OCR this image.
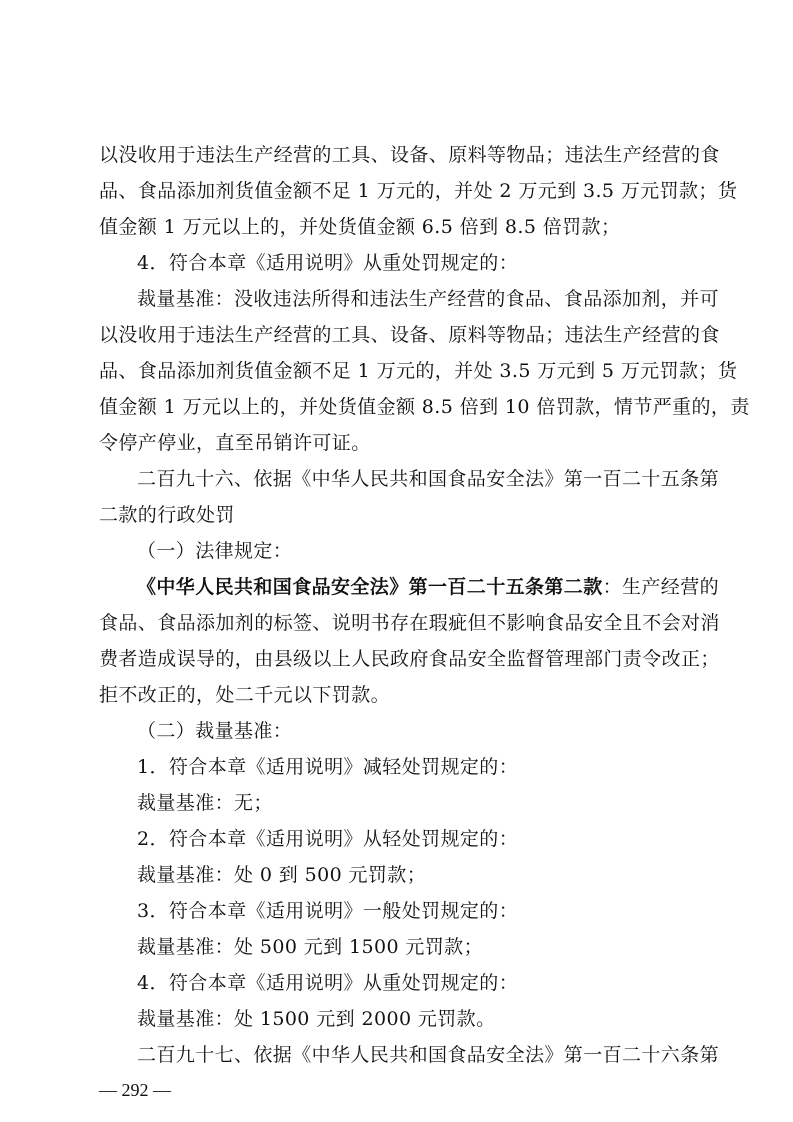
以没收用于违法生产经营的工具、设备、原料等物品；违法生产经营的食
品、食品添加剂货值金额不足 1 万元的，并处 2 万元到 3.5 万元罚款；货
值金额 1 万元以上的，并处货值金额 6.5 倍到 8.5 倍罚款；
4．符合本章《适用说明》从重处罚规定的：
裁量基准：没收违法所得和违法生产经营的食品、食品添加剂，并可
以没收用于违法生产经营的工具、设备、原料等物品；违法生产经营的食
品、食品添加剂货值金额不足 1 万元的，并处 3.5 万元到 5 万元罚款；货
值金额 1 万元以上的，并处货值金额 8.5 倍到 10 倍罚款，情节严重的，责
令停产停业，直至吊销许可证。
二百九十六、依据《中华人民共和国食品安全法》第一百二十五条第
二款的行政处罚
（一）法律规定：
《中华人民共和国食品安全法》第一百二十五条第二款：生产经营的
食品、食品添加剂的标签、说明书存在瑕疵但不影响食品安全且不会对消
费者造成误导的，由县级以上人民政府食品安全监督管理部门责令改正；
拒不改正的，处二千元以下罚款。
（二）裁量基准：
1．符合本章《适用说明》减轻处罚规定的：
裁量基准：无；
2．符合本章《适用说明》从轻处罚规定的：
裁量基准：处 0 到 500 元罚款；
3．符合本章《适用说明》一般处罚规定的：
裁量基准：处 500 元到 1500 元罚款；
4．符合本章《适用说明》从重处罚规定的：
裁量基准：处 1500 元到 2000 元罚款。
二百九十七、依据《中华人民共和国食品安全法》第一百二十六条第
— 292 —
